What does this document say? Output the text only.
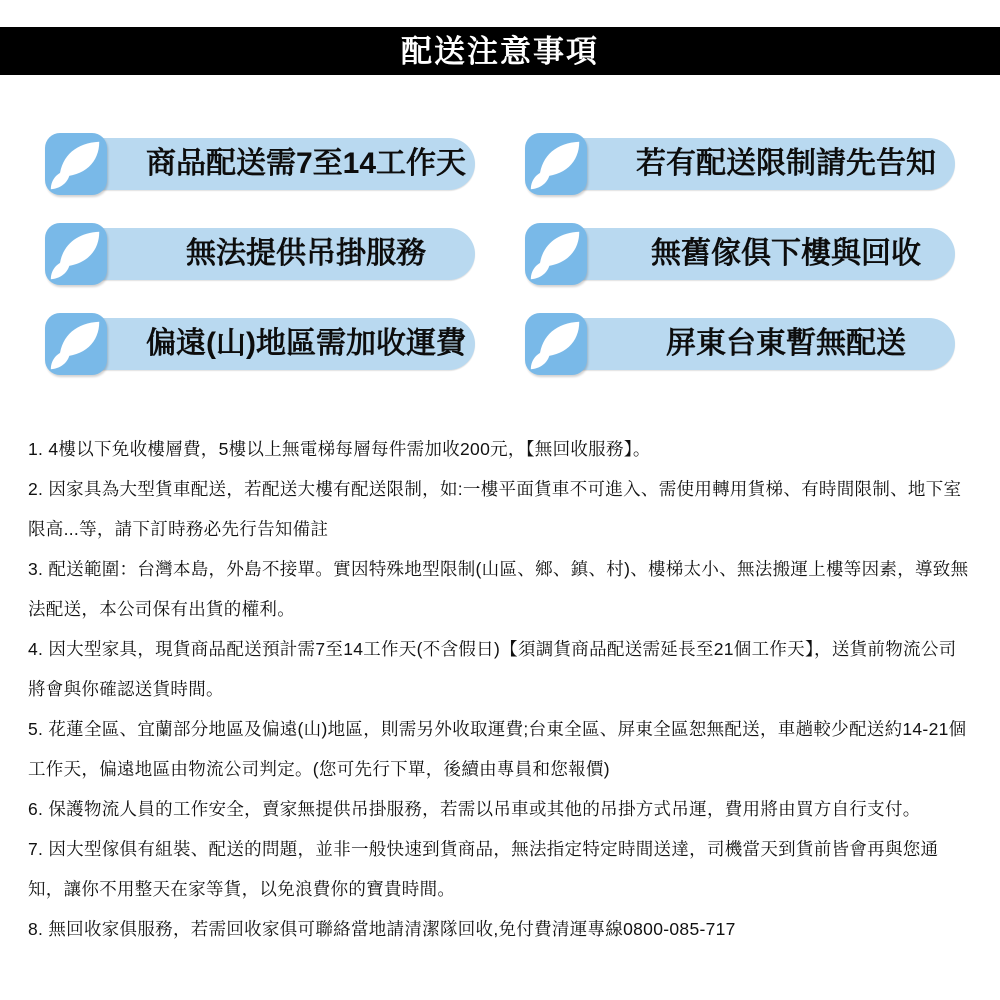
配送注意事項
商品配送需7至14工作天	若有配送限制請先告知
無法提供吊掛服務	無舊傢俱下樓與回收
偏遠(山)地區需加收運費	屏東台東暫無配送

1. 4樓以下免收樓層費，5樓以上無電梯每層每件需加收200元，【無回收服務】。

2. 因家具為大型貨車配送，若配送大樓有配送限制，如:一樓平面貨車不可進入、需使用轉用貨梯、有時間限制、地下室限高...等，請下訂時務必先行告知備註

3. 配送範圍：台灣本島，外島不接單。實因特殊地型限制(山區、鄉、鎮、村)、樓梯太小、無法搬運上樓等因素，導致無法配送，本公司保有出貨的權利。

4. 因大型家具，現貨商品配送預計需7至14工作天(不含假日)【須調貨商品配送需延長至21個工作天】，送貨前物流公司將會與你確認送貨時間。

5. 花蓮全區、宜蘭部分地區及偏遠(山)地區，則需另外收取運費;台東全區、屏東全區恕無配送，車趟較少配送約14-21個工作天，偏遠地區由物流公司判定。(您可先行下單，後續由專員和您報價)

6. 保護物流人員的工作安全，賣家無提供吊掛服務，若需以吊車或其他的吊掛方式吊運，費用將由買方自行支付。

7. 因大型傢俱有組裝、配送的問題，並非一般快速到貨商品，無法指定特定時間送達，司機當天到貨前皆會再與您通知，讓你不用整天在家等貨，以免浪費你的寶貴時間。

8. 無回收家俱服務，若需回收家俱可聯絡當地請清潔隊回收,免付費清運專線0800-085-717
